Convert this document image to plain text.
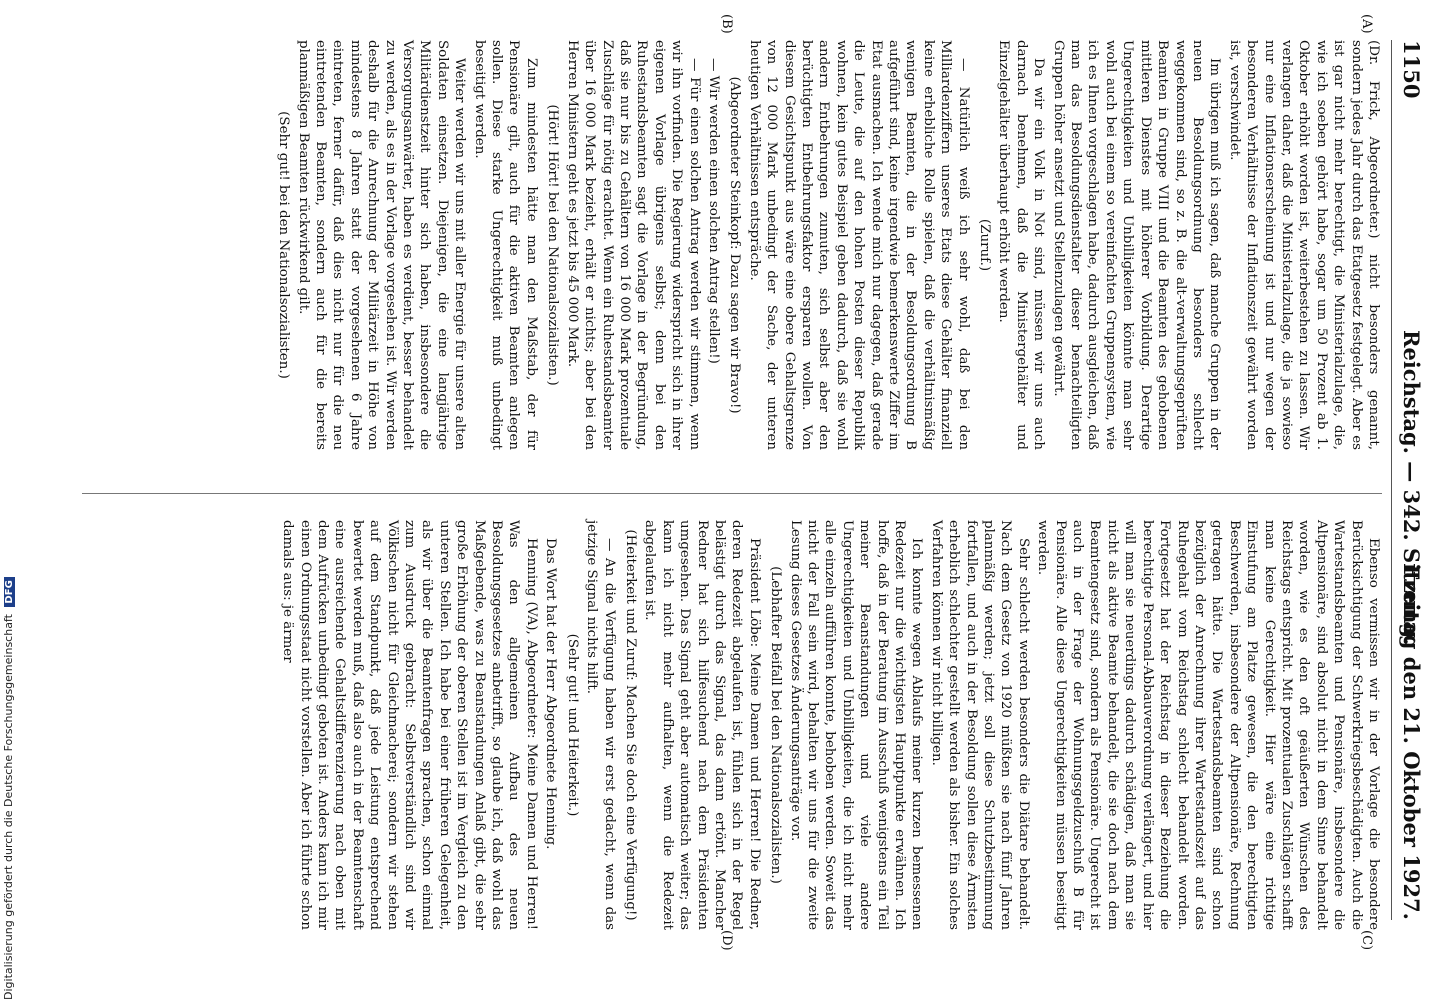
1150
Reichstag. — 342. Sitzung.
Freitag den 21. Oktober 1927.
(A)
(B)
(C)
(D)

(Dr. Frick, Abgeordneter.) nicht besonders genannt, sondern jedes Jahr durch das Etatgesetz festgelegt. Aber es ist gar nicht mehr berechtigt, die Ministerialzulage, die, wie ich soeben gehört habe, sogar um 50 Prozent ab 1. Oktober erhöht worden ist, weiterbestehen zu lassen. Wir verlangen daher, daß die Ministerialzulage, die ja sowieso nur eine Inflationserscheinung ist und nur wegen der besonderen Verhältnisse der Inflationszeit gewährt worden ist, verschwindet.

Im übrigen muß ich sagen, daß manche Gruppen in der neuen Besoldungsordnung besonders schlecht weggekommen sind, so z. B. die alt-verwaltungsgeprüften Beamten in Gruppe VIII und die Beamten des gehobenen mittleren Dienstes mit höherer Vorbildung. Derartige Ungerechtigkeiten und Unbilligkeiten könnte man sehr wohl auch bei einem so vereinfachten Gruppensystem, wie ich es Ihnen vorgeschlagen habe, dadurch ausgleichen, daß man das Besoldungsdienstalter dieser benachteiligten Gruppen höher ansetzt und Stellenzulagen gewährt.

Da wir ein Volk in Not sind, müssen wir uns auch darnach benehmen, daß die Ministergehälter und Einzelgehälter überhaupt erhöht werden.

(Zuruf.)

— Natürlich weiß ich sehr wohl, daß bei den Milliardenziffern unseres Etats diese Gehälter finanziell keine erhebliche Rolle spielen, daß die verhältnismäßig wenigen Beamten, die in der Besoldungsordnung B aufgeführt sind, keine irgendwie bemerkenswerte Ziffer im Etat ausmachen. Ich wende mich nur dagegen, daß gerade die Leute, die auf den hohen Posten dieser Republik wohnen, kein gutes Beispiel geben dadurch, daß sie wohl andern Entbehrungen zumuten, sich selbst aber den berüchtigten Entbehrungsfaktor ersparen wollen. Von diesem Gesichtspunkt aus wäre eine obere Gehaltsgrenze von 12 000 Mark unbedingt der Sache, der unteren heutigen Verhältnissen entspräche.

(Abgeordneter Steinkopf: Dazu sagen wir Bravo!)

— Wir werden einen solchen Antrag stellen!)

— Für einen solchen Antrag werden wir stimmen, wenn wir ihn vorfinden. Die Regierung widerspricht sich in ihrer eigenen Vorlage übrigens selbst; denn bei den Ruhestandsbeamten sagt die Vorlage in der Begründung, daß sie nur bis zu Gehältern von 16 000 Mark prozentuale Zuschläge für nötig erachtet. Wenn ein Ruhestandsbeamter über 16 000 Mark bezieht, erhält er nichts; aber bei den Herren Ministern geht es jetzt bis 45 000 Mark.

(Hört! Hört! bei den Nationalsozialisten.)

Zum mindesten hätte man den Maßstab, der für Pensionäre gilt, auch für die aktiven Beamten anlegen sollen. Diese starke Ungerechtigkeit muß unbedingt beseitigt werden.

Weiter werden wir uns mit aller Energie für unsere alten Soldaten einsetzen. Diejenigen, die eine langjährige Militärdienstzeit hinter sich haben, insbesondere die Versorgungsanwärter, haben es verdient, besser behandelt zu werden, als es in der Vorlage vorgesehen ist. Wir werden deshalb für die Anrechnung der Militärzeit in Höhe von mindestens 8 Jahren statt der vorgesehenen 6 Jahre eintreten, ferner dafür, daß dies nicht nur für die neu eintretenden Beamten, sondern auch für die bereits planmäßigen Beamten rückwirkend gilt.

(Sehr gut! bei den Nationalsozialisten.)

Ebenso vermissen wir in der Vorlage die besondere Berücksichtigung der Schwerkriegsbeschädigten. Auch die Wartestandsbeamten und Pensionäre, insbesondere die Altpensionäre, sind absolut nicht in dem Sinne behandelt worden, wie es den oft geäußerten Wünschen des Reichstags entspricht. Mit prozentualen Zuschlägen schafft man keine Gerechtigkeit. Hier wäre eine richtige Einstufung am Platze gewesen, die den berechtigten Beschwerden, insbesondere der Altpensionäre, Rechnung getragen hätte. Die Wartestandsbeamten sind schon bezüglich der Anrechnung ihrer Wartestandszeit auf das Ruhegehalt vom Reichstag schlecht behandelt worden. Fortgesetzt hat der Reichstag in dieser Beziehung die berechtigte Personal-Abbauverordnung verlängert, und hier will man sie neuerdings dadurch schädigen, daß man sie nicht als aktive Beamte behandelt, die sie doch nach dem Beamtengesetz sind, sondern als Pensionäre. Ungerecht ist auch in der Frage der Wohnungsgeldzuschuß B für Pensionäre. Alle diese Ungerechtigkeiten müssen beseitigt werden.

Sehr schlecht werden besonders die Diätare behandelt. Nach dem Gesetz von 1920 müßten sie nach fünf Jahren planmäßig werden; jetzt soll diese Schutzbestimmung fortfallen, und auch in der Besoldung sollen diese Ärmsten erheblich schlechter gestellt werden als bisher. Ein solches Verfahren können wir nicht billigen.

Ich konnte wegen Ablaufs meiner kurzen bemessenen Redezeit nur die wichtigsten Hauptpunkte erwähnen. Ich hoffe, daß in der Beratung im Ausschuß wenigstens ein Teil meiner Beanstandungen und viele andere Ungerechtigkeiten und Unbilligkeiten, die ich nicht mehr alle einzeln aufführen konnte, behoben werden. Soweit das nicht der Fall sein wird, behalten wir uns für die zweite Lesung dieses Gesetzes Änderungsanträge vor.

(Lebhafter Beifall bei den Nationalsozialisten.)

Präsident Löbe: Meine Damen und Herren! Die Redner, deren Redezeit abgelaufen ist, fühlen sich in der Regel belästigt durch das Signal, das dann ertönt. Mancher Redner hat sich hilfesuchend nach dem Präsidenten umgesehen. Das Signal geht aber automatisch weiter; das kann ich nicht mehr aufhalten, wenn die Redezeit abgelaufen ist.

(Heiterkeit und Zuruf: Machen Sie doch eine Verfügung!)

— An die Verfügung haben wir erst gedacht, wenn das jetzige Signal nichts hilft.

(Sehr gut! und Heiterkeit.)

Das Wort hat der Herr Abgeordnete Henning.

Henning (VA), Abgeordneter: Meine Damen und Herren! Was den allgemeinen Aufbau des neuen Besoldungsgesetzes anbetrifft, so glaube ich, daß wohl das Maßgebende, was zu Beanstandungen Anlaß gibt, die sehr große Erhöhung der oberen Stellen ist im Vergleich zu den unteren Stellen. Ich habe bei einer früheren Gelegenheit, als wir über die Beamtenfragen sprachen, schon einmal zum Ausdruck gebracht: Selbstverständlich sind wir Völkischen nicht für Gleichmacherei; sondern wir stehen auf dem Standpunkt, daß jede Leistung entsprechend bewertet werden muß, daß also auch in der Beamtenschaft eine ausreichende Gehaltsdifferenzierung nach oben mit dem Aufrücken unbedingt geboten ist. Anders kann ich mir einen Ordnungsstaat nicht vorstellen. Aber ich führte schon damals aus: je ärmer

Digitalisierung gefördert durch die Deutsche Forschungsgemeinschaft DFG
